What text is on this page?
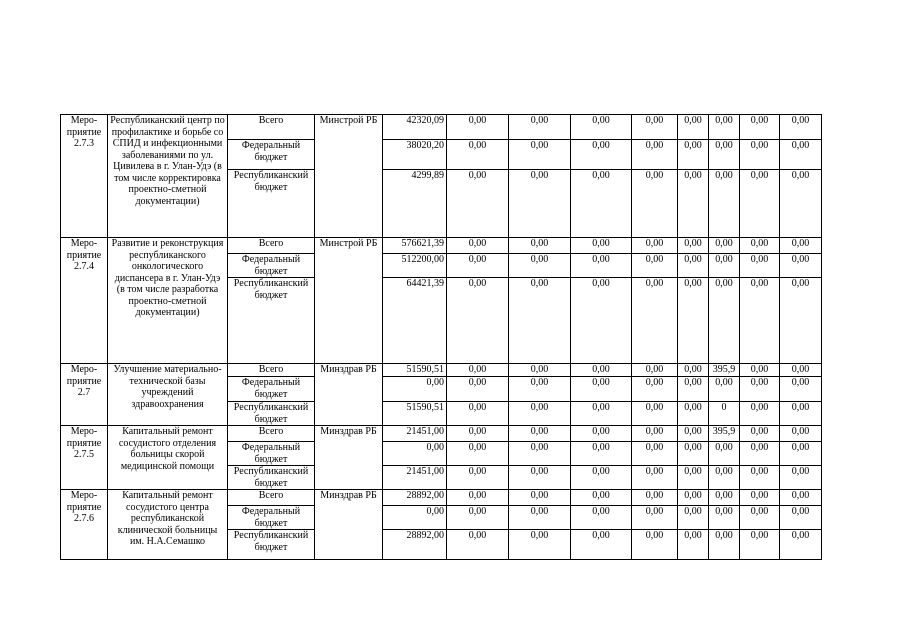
Меро-приятие 2.7.3	Республиканский центр по профилактике и борьбе со СПИД и инфекционными заболеваниями по ул. Цивилева в г. Улан-Удэ (в том числе корректировка проектно-сметной документации)	Всего	Минстрой РБ	42320,09	0,00	0,00	0,00	0,00	0,00	0,00	0,00	0,00
		Федеральный бюджет		38020,20	0,00	0,00	0,00	0,00	0,00	0,00	0,00	0,00
		Республиканский бюджет		4299,89	0,00	0,00	0,00	0,00	0,00	0,00	0,00	0,00
Меро-приятие 2.7.4	Развитие и реконструкция республиканского онкологического диспансера в г. Улан-Удэ (в том числе разработка проектно-сметной документации)	Всего	Минстрой РБ	576621,39	0,00	0,00	0,00	0,00	0,00	0,00	0,00	0,00
		Федеральный бюджет		512200,00	0,00	0,00	0,00	0,00	0,00	0,00	0,00	0,00
		Республиканский бюджет		64421,39	0,00	0,00	0,00	0,00	0,00	0,00	0,00	0,00
Меро-приятие 2.7	Улучшение материально-технической базы учреждений здравоохранения	Всего	Минздрав РБ	51590,51	0,00	0,00	0,00	0,00	0,00	395,9	0,00	0,00
		Федеральный бюджет		0,00	0,00	0,00	0,00	0,00	0,00	0,00	0,00	0,00
		Республиканский бюджет		51590,51	0,00	0,00	0,00	0,00	0,00	0	0,00	0,00
Меро-приятие 2.7.5	Капитальный ремонт сосудистого отделения больницы скорой медицинской помощи	Всего	Минздрав РБ	21451,00	0,00	0,00	0,00	0,00	0,00	395,9	0,00	0,00
		Федеральный бюджет		0,00	0,00	0,00	0,00	0,00	0,00	0,00	0,00	0,00
		Республиканский бюджет		21451,00	0,00	0,00	0,00	0,00	0,00	0,00	0,00	0,00
Меро-приятие 2.7.6	Капитальный ремонт сосудистого центра республиканской клинической больницы им. Н.А.Семашко	Всего	Минздрав РБ	28892,00	0,00	0,00	0,00	0,00	0,00	0,00	0,00	0,00
		Федеральный бюджет		0,00	0,00	0,00	0,00	0,00	0,00	0,00	0,00	0,00
		Республиканский бюджет		28892,00	0,00	0,00	0,00	0,00	0,00	0,00	0,00	0,00
